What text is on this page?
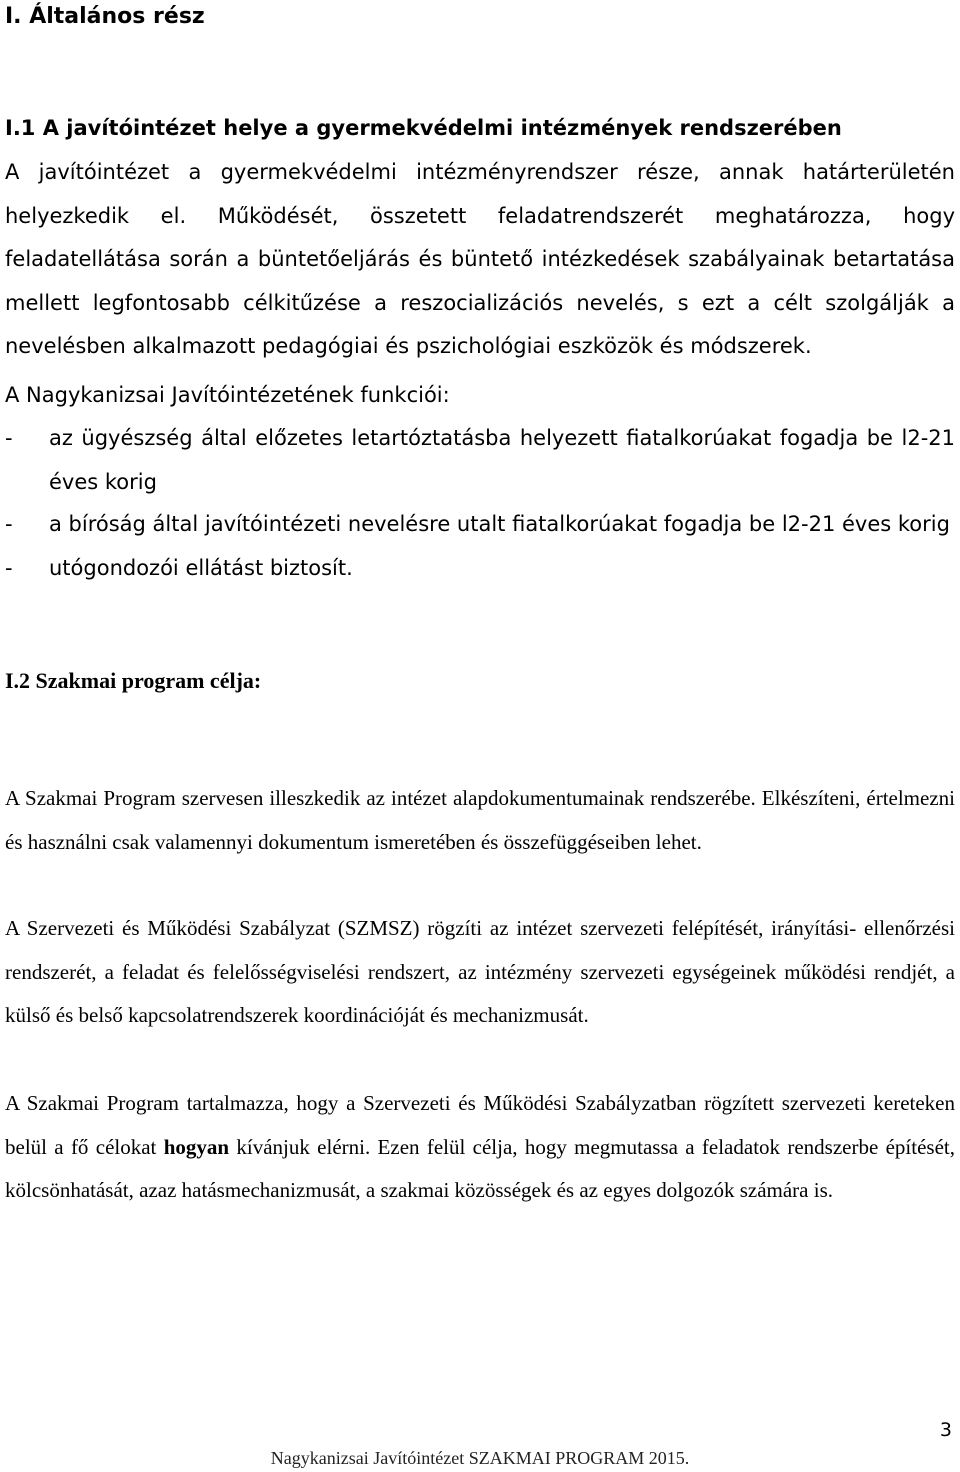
I. Általános rész
I.1 A javítóintézet helye a gyermekvédelmi intézmények rendszerében

A javítóintézet a gyermekvédelmi intézményrendszer része, annak határterületén helyezkedik el. Működését, összetett feladatrendszerét meghatározza, hogy feladatellátása során a büntetőeljárás és büntető intézkedések szabályainak betartatása mellett legfontosabb célkitűzése a reszocializációs nevelés, s ezt a célt szolgálják a nevelésben alkalmazott pedagógiai és pszichológiai eszközök és módszerek.

A Nagykanizsai Javítóintézetének funkciói:

- az ügyészség által előzetes letartóztatásba helyezett fiatalkorúakat fogadja be l2-21 éves korig

- a bíróság által javítóintézeti nevelésre utalt fiatalkorúakat fogadja be l2-21 éves korig

- utógondozói ellátást biztosít.

I.2 Szakmai program célja:

A Szakmai Program szervesen illeszkedik az intézet alapdokumentumainak rendszerébe. Elkészíteni, értelmezni és használni csak valamennyi dokumentum ismeretében és összefüggéseiben lehet.

A Szervezeti és Működési Szabályzat (SZMSZ) rögzíti az intézet szervezeti felépítését, irányítási- ellenőrzési rendszerét, a feladat és felelősségviselési rendszert, az intézmény szervezeti egységeinek működési rendjét, a külső és belső kapcsolatrendszerek koordinációját és mechanizmusát.

A Szakmai Program tartalmazza, hogy a Szervezeti és Működési Szabályzatban rögzített szervezeti kereteken belül a fő célokat hogyan kívánjuk elérni. Ezen felül célja, hogy megmutassa a feladatok rendszerbe építését, kölcsönhatását, azaz hatásmechanizmusát, a szakmai közösségek és az egyes dolgozók számára is.

3
Nagykanizsai Javítóintézet SZAKMAI PROGRAM 2015.
